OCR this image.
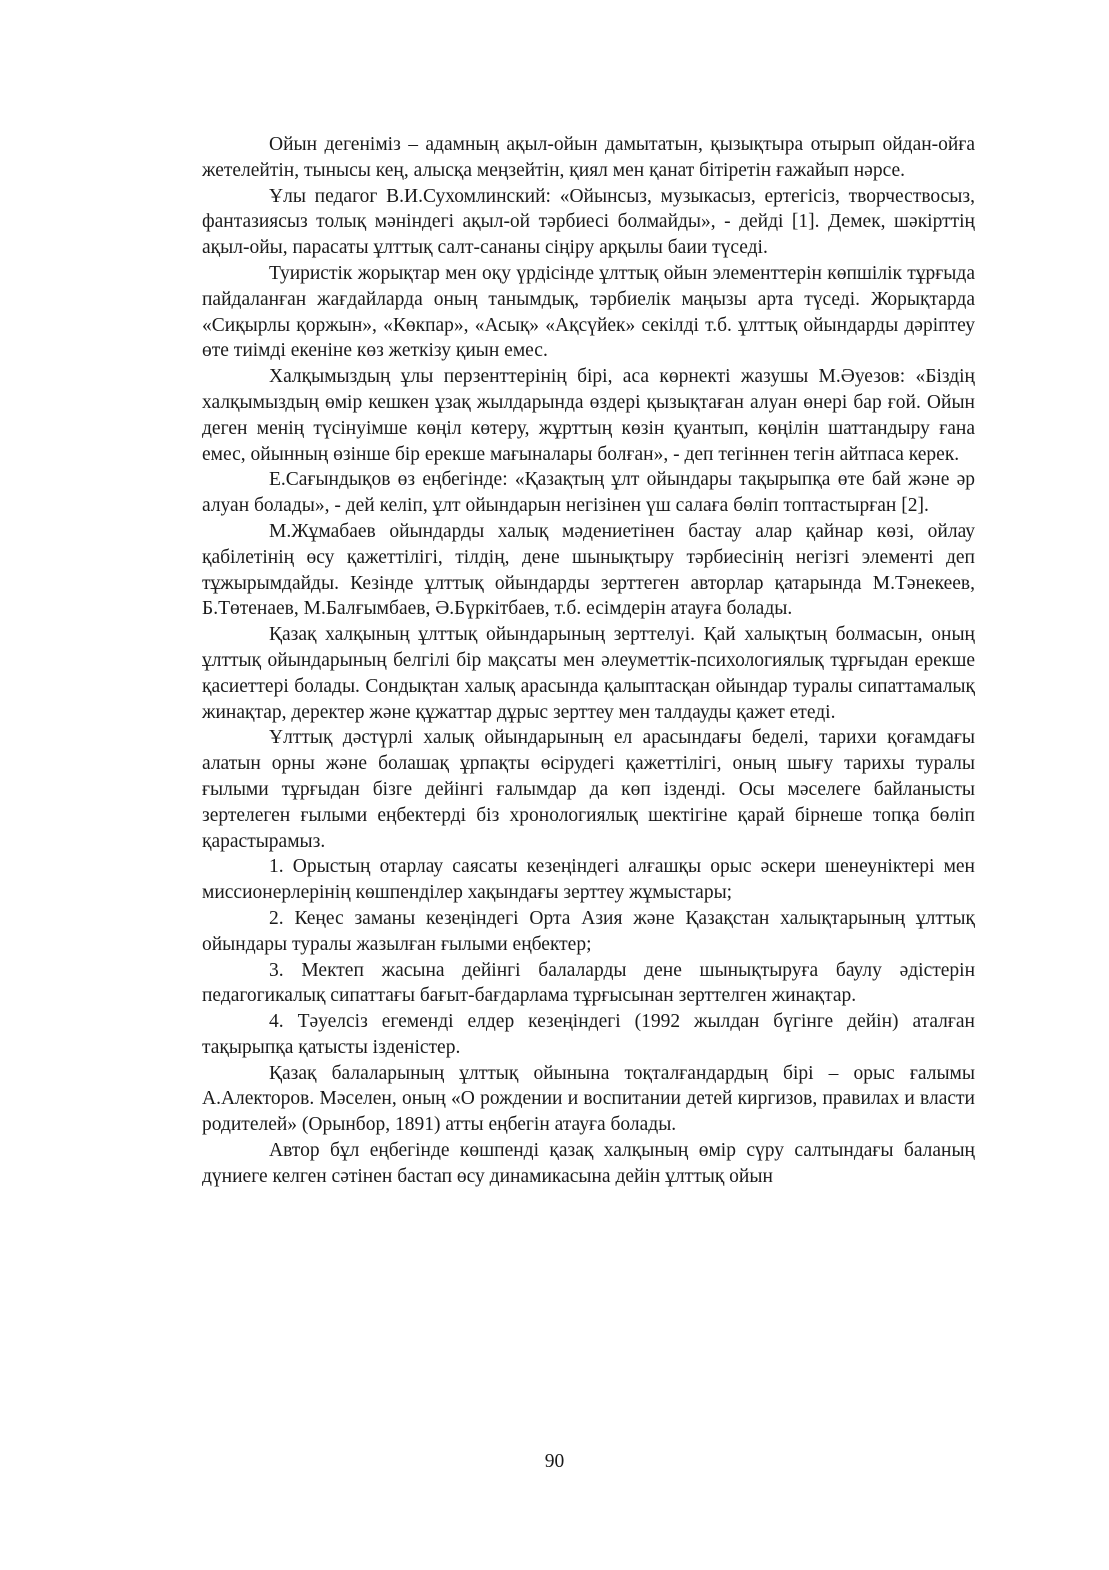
Ойын дегеніміз – адамның ақыл-ойын дамытатын, қызықтыра отырып ойдан-ойға жетелейтін, тынысы кең, алысқа меңзейтін, қиял мен қанат бітіретін ғажайып нәрсе.

Ұлы педагог В.И.Сухомлинский: «Ойынсыз, музыкасыз, ертегісіз, творчествосыз, фантазиясыз толық мәніндегі ақыл-ой тәрбиесі болмайды», - дейді [1]. Демек, шәкірттің ақыл-ойы, парасаты ұлттық салт-сананы сіңіру арқылы баии түседі.

Туиристік жорықтар мен оқу үрдісінде ұлттық ойын элементтерін көпшілік тұрғыда пайдаланған жағдайларда оның танымдық, тәрбиелік маңызы арта түседі. Жорықтарда «Сиқырлы қоржын», «Көкпар», «Асық» «Ақсүйек» секілді т.б. ұлттық ойындарды дәріптеу өте тиімді екеніне көз жеткізу қиын емес.

Халқымыздың ұлы перзенттерінің бірі, аса көрнекті жазушы М.Әуезов: «Біздің халқымыздың өмір кешкен ұзақ жылдарында өздері қызықтаған алуан өнері бар ғой. Ойын деген менің түсінуімше көңіл көтеру, жұрттың көзін қуантып, көңілін шаттандыру ғана емес, ойынның өзінше бір ерекше мағыналары болған», - деп тегіннен тегін айтпаса керек.

Е.Сағындықов өз еңбегінде: «Қазақтың ұлт ойындары тақырыпқа өте бай және әр алуан болады», - дей келіп, ұлт ойындарын негізінен үш салаға бөліп топтастырған [2].

М.Жұмабаев ойындарды халық мәдениетінен бастау алар қайнар көзі, ойлау қабілетінің өсу қажеттілігі, тілдің, дене шынықтыру тәрбиесінің негізгі элементі деп тұжырымдайды. Кезінде ұлттық ойындарды зерттеген авторлар қатарында М.Тәнекеев, Б.Төтенаев, М.Балғымбаев, Ә.Бүркітбаев, т.б. есімдерін атауға болады.

Қазақ халқының ұлттық ойындарының зерттелуі. Қай халықтың болмасын, оның ұлттық ойындарының белгілі бір мақсаты мен әлеуметтік-психологиялық тұрғыдан ерекше қасиеттері болады. Сондықтан халық арасында қалыптасқан ойындар туралы сипаттамалық жинақтар, деректер және құжаттар дұрыс зерттеу мен талдауды қажет етеді.

Ұлттық дәстүрлі халық ойындарының ел арасындағы беделі, тарихи қоғамдағы алатын орны және болашақ ұрпақты өсірудегі қажеттілігі, оның шығу тарихы туралы ғылыми тұрғыдан бізге дейінгі ғалымдар да көп ізденді. Осы мәселеге байланысты зертелеген ғылыми еңбектерді біз хронологиялық шектігіне қарай бірнеше топқа бөліп қарастырамыз.

1. Орыстың отарлау саясаты кезеңіндегі алғашқы орыс әскери шенеуніктері мен миссионерлерінің көшпенділер хақындағы зерттеу жұмыстары;

2. Кеңес заманы кезеңіндегі Орта Азия және Қазақстан халықтарының ұлттық ойындары туралы жазылған ғылыми еңбектер;

3. Мектеп жасына дейінгі балаларды дене шынықтыруға баулу әдістерін педагогикалық сипаттағы бағыт-бағдарлама тұрғысынан зерттелген жинақтар.

4. Тәуелсіз егеменді елдер кезеңіндегі (1992 жылдан бүгінге дейін) аталған тақырыпқа қатысты ізденістер.

Қазақ балаларының ұлттық ойынына тоқталғандардың бірі – орыс ғалымы А.Алекторов. Мәселен, оның «О рождении и воспитании детей киргизов, правилах и власти родителей» (Орынбор, 1891) атты еңбегін атауға болады.

Автор бұл еңбегінде көшпенді қазақ халқының өмір сүру салтындағы баланың дүниеге келген сәтінен бастап өсу динамикасына дейін ұлттық ойын

90
